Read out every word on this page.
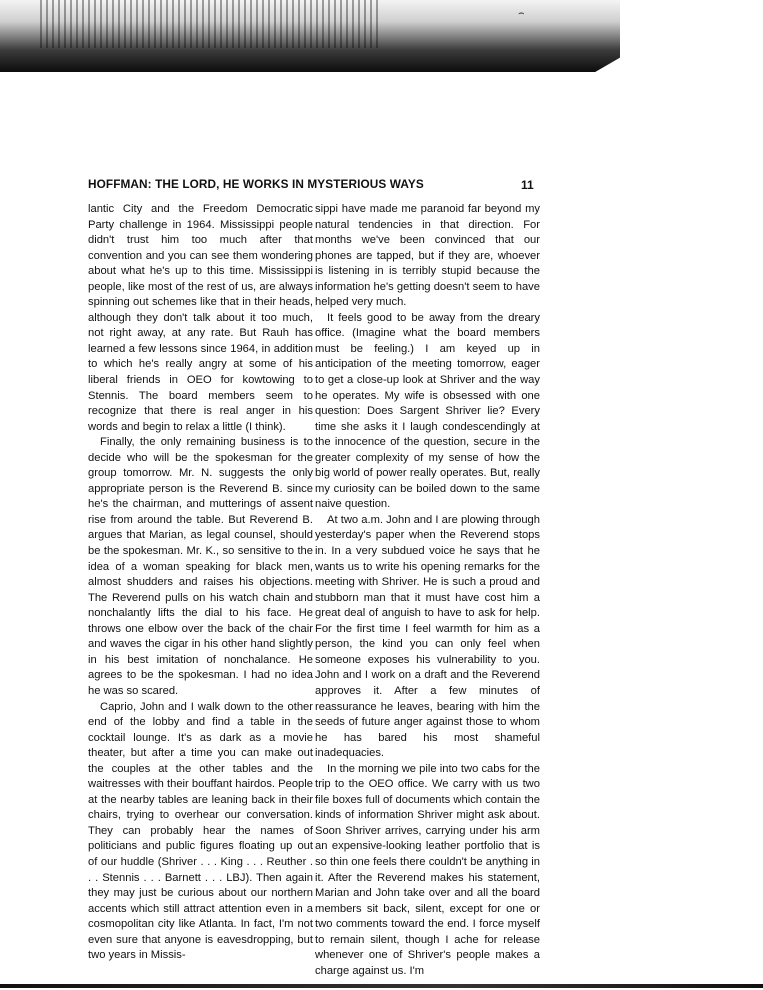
⌢
HOFFMAN: THE LORD, HE WORKS IN MYSTERIOUS WAYS	11

lantic City and the Freedom Democratic Party challenge in 1964. Mississippi people didn't trust him too much after that convention and you can see them wondering about what he's up to this time. Mississippi people, like most of the rest of us, are always spinning out schemes like that in their heads, although they don't talk about it too much, not right away, at any rate. But Rauh has learned a few lessons since 1964, in addition to which he's really angry at some of his liberal friends in OEO for kowtowing to Stennis. The board members seem to recognize that there is real anger in his words and begin to relax a little (I think).

Finally, the only remaining business is to decide who will be the spokesman for the group tomorrow. Mr. N. suggests the only appropriate person is the Reverend B. since he's the chairman, and mutterings of assent rise from around the table. But Reverend B. argues that Marian, as legal counsel, should be the spokesman. Mr. K., so sensitive to the idea of a woman speaking for black men, almost shudders and raises his objections. The Reverend pulls on his watch chain and nonchalantly lifts the dial to his face. He throws one elbow over the back of the chair and waves the cigar in his other hand slightly in his best imitation of nonchalance. He agrees to be the spokesman. I had no idea he was so scared.

Caprio, John and I walk down to the other end of the lobby and find a table in the cocktail lounge. It's as dark as a movie theater, but after a time you can make out the couples at the other tables and the waitresses with their bouffant hairdos. People at the nearby tables are leaning back in their chairs, trying to overhear our conversation. They can probably hear the names of politicians and public figures floating up out of our huddle (Shriver . . . King . . . Reuther . . . Stennis . . . Barnett . . . LBJ). Then again they may just be curious about our northern accents which still attract attention even in a cosmopolitan city like Atlanta. In fact, I'm not even sure that anyone is eavesdropping, but two years in Missis-

sippi have made me paranoid far beyond my natural tendencies in that direction. For months we've been convinced that our phones are tapped, but if they are, whoever is listening in is terribly stupid because the information he's getting doesn't seem to have helped very much.

It feels good to be away from the dreary office. (Imagine what the board members must be feeling.) I am keyed up in anticipation of the meeting tomorrow, eager to get a close-up look at Shriver and the way he operates. My wife is obsessed with one question: Does Sargent Shriver lie? Every time she asks it I laugh condescendingly at the innocence of the question, secure in the greater complexity of my sense of how the big world of power really operates. But, really my curiosity can be boiled down to the same naive question.

At two a.m. John and I are plowing through yesterday's paper when the Reverend stops in. In a very subdued voice he says that he wants us to write his opening remarks for the meeting with Shriver. He is such a proud and stubborn man that it must have cost him a great deal of anguish to have to ask for help. For the first time I feel warmth for him as a person, the kind you can only feel when someone exposes his vulnerability to you. John and I work on a draft and the Reverend approves it. After a few minutes of reassurance he leaves, bearing with him the seeds of future anger against those to whom he has bared his most shameful inadequacies.

In the morning we pile into two cabs for the trip to the OEO office. We carry with us two file boxes full of documents which contain the kinds of information Shriver might ask about. Soon Shriver arrives, carrying under his arm an expensive-looking leather portfolio that is so thin one feels there couldn't be anything in it. After the Reverend makes his statement, Marian and John take over and all the board members sit back, silent, except for one or two comments toward the end. I force myself to remain silent, though I ache for release whenever one of Shriver's people makes a charge against us. I'm
